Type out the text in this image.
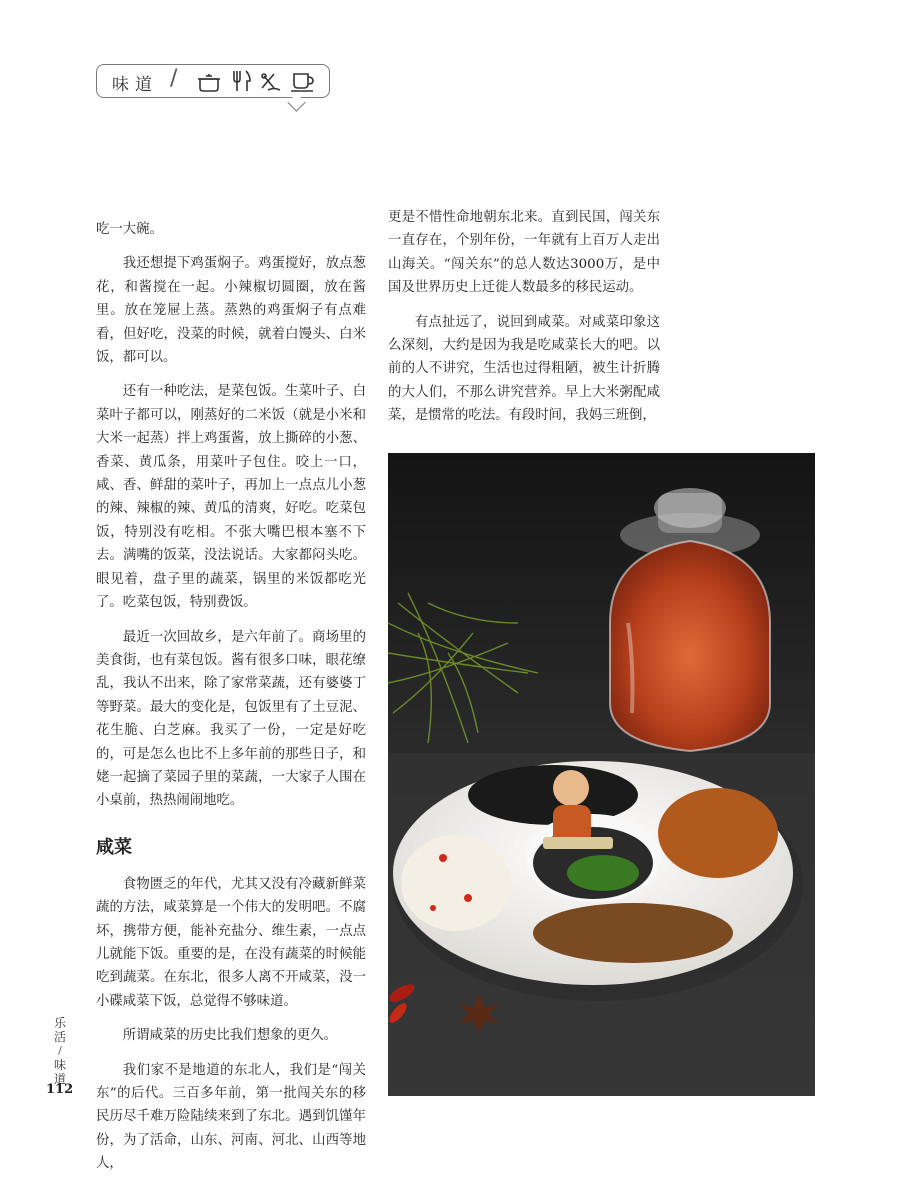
味道 /

吃一大碗。

我还想提下鸡蛋焖子。鸡蛋搅好，放点葱花，和酱搅在一起。小辣椒切圆圈，放在酱里。放在笼屉上蒸。蒸熟的鸡蛋焖子有点难看，但好吃，没菜的时候，就着白馒头、白米饭，都可以。

还有一种吃法，是菜包饭。生菜叶子、白菜叶子都可以，刚蒸好的二米饭（就是小米和大米一起蒸）拌上鸡蛋酱，放上撕碎的小葱、香菜、黄瓜条，用菜叶子包住。咬上一口，咸、香、鲜甜的菜叶子，再加上一点点儿小葱的辣、辣椒的辣、黄瓜的清爽，好吃。吃菜包饭，特别没有吃相。不张大嘴巴根本塞不下去。满嘴的饭菜，没法说话。大家都闷头吃。眼见着，盘子里的蔬菜，锅里的米饭都吃光了。吃菜包饭，特别费饭。

最近一次回故乡，是六年前了。商场里的美食街，也有菜包饭。酱有很多口味，眼花缭乱，我认不出来，除了家常菜蔬，还有婆婆丁等野菜。最大的变化是，包饭里有了土豆泥、花生脆、白芝麻。我买了一份，一定是好吃的，可是怎么也比不上多年前的那些日子，和姥一起摘了菜园子里的菜蔬，一大家子人围在小桌前，热热闹闹地吃。

咸菜

食物匮乏的年代，尤其又没有冷藏新鲜菜蔬的方法，咸菜算是一个伟大的发明吧。不腐坏，携带方便，能补充盐分、维生素，一点点儿就能下饭。重要的是，在没有蔬菜的时候能吃到蔬菜。在东北，很多人离不开咸菜，没一小碟咸菜下饭，总觉得不够味道。

所谓咸菜的历史比我们想象的更久。

我们家不是地道的东北人，我们是“闯关东”的后代。三百多年前，第一批闯关东的移民历尽千难万险陆续来到了东北。遇到饥馑年份，为了活命，山东、河南、河北、山西等地人，

更是不惜性命地朝东北来。直到民国，闯关东一直存在，个别年份，一年就有上百万人走出山海关。“闯关东”的总人数达3000万，是中国及世界历史上迁徙人数最多的移民运动。

有点扯远了，说回到咸菜。对咸菜印象这么深刻，大约是因为我是吃咸菜长大的吧。以前的人不讲究，生活也过得粗陋，被生计折腾的大人们，不那么讲究营养。早上大米粥配咸菜，是惯常的吃法。有段时间，我妈三班倒，

乐
活
/
味
道
112
